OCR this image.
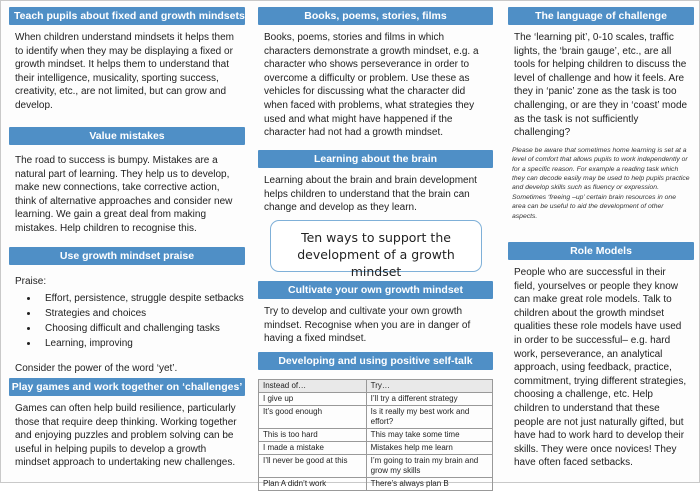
Teach pupils about fixed and growth mindsets

When children understand mindsets it helps them to identify when they may be displaying a fixed or growth mindset. It helps them to understand that their intelligence, musicality, sporting success, creativity, etc., are not limited, but can grow and develop.

Value mistakes

The road to success is bumpy. Mistakes are a natural part of learning. They help us to develop, make new connections, take corrective action, think of alternative approaches and consider new learning. We gain a great deal from making mistakes. Help children to recognise this.

Use growth mindset praise

Praise:

• Effort, persistence, struggle despite setbacks
• Strategies and choices
• Choosing difficult and challenging tasks
• Learning, improving

Consider the power of the word ‘yet’.

Play games and work together on ‘challenges’

Games can often help build resilience, particularly those that require deep thinking. Working together and enjoying puzzles and problem solving can be useful in helping pupils to develop a growth mindset approach to undertaking new challenges.

Books, poems, stories, films

Books, poems, stories and films in which characters demonstrate a growth mindset, e.g. a character who shows perseverance in order to overcome a difficulty or problem. Use these as vehicles for discussing what the character did when faced with problems, what strategies they used and what might have happened if the character had not had a growth mindset.

Learning about the brain

Learning about the brain and brain development helps children to understand that the brain can change and develop as they learn.

Ten ways to support the development of a growth mindset
Cultivate your own growth mindset

Try to develop and cultivate your own growth mindset. Recognise when you are in danger of having a fixed mindset.

Developing and using positive self-talk
Instead of…	Try…
I give up	I’ll try a different strategy
It’s good enough	Is it really my best work and effort?
This is too hard	This may take some time
I made a mistake	Mistakes help me learn
I’ll never be good at this	I’m going to train my brain and grow my skills
Plan A didn’t work	There’s always plan B
The language of challenge

The ‘learning pit’, 0-10 scales, traffic lights, the ‘brain gauge’, etc., are all tools for helping children to discuss the level of challenge and how it feels. Are they in ‘panic’ zone as the task is too challenging, or are they in ‘coast’ mode as the task is not sufficiently challenging?

Please be aware that sometimes home learning is set at a level of comfort that allows pupils to work independently or for a specific reason. For example a reading task which they can decode easily may be used to help pupils practice and develop skills such as fluency or expression. Sometimes ‘freeing –up’ certain brain resources in one area can be useful to aid the development of other aspects.

Role Models

People who are successful in their field, yourselves or people they know can make great role models. Talk to children about the growth mindset qualities these role models have used in order to be successful– e.g. hard work, perseverance, an analytical approach, using feedback, practice, commitment, trying different strategies, choosing a challenge, etc. Help children to understand that these people are not just naturally gifted, but have had to work hard to develop their skills. They were once novices! They have often faced setbacks.
